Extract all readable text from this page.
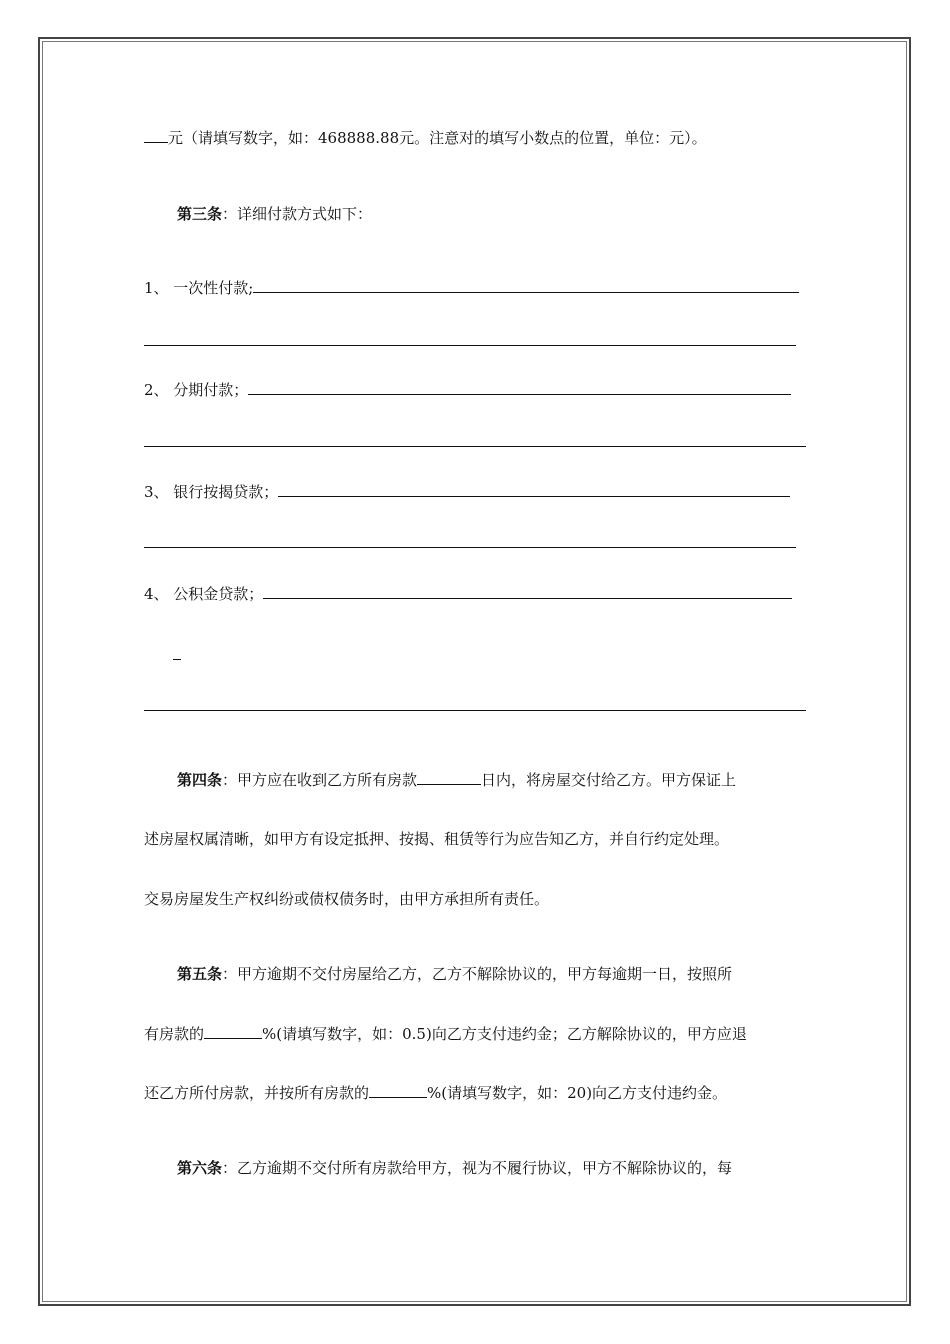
元（请填写数字，如：468888.88元。注意对的填写小数点的位置，单位：元）。
第三条：详细付款方式如下：
1、 一次性付款;
2、 分期付款；
3、 银行按揭贷款；
4、 公积金贷款；
第四条：甲方应在收到乙方所有房款	日内，将房屋交付给乙方。甲方保证上
述房屋权属清晰，如甲方有设定抵押、按揭、租赁等行为应告知乙方，并自行约定处理。
交易房屋发生产权纠纷或债权债务时，由甲方承担所有责任。
第五条：甲方逾期不交付房屋给乙方，乙方不解除协议的，甲方每逾期一日，按照所
有房款的	%(请填写数字，如：0.5)向乙方支付违约金；乙方解除协议的，甲方应退
还乙方所付房款，并按所有房款的	%(请填写数字，如：20)向乙方支付违约金。
第六条：乙方逾期不交付所有房款给甲方，视为不履行协议，甲方不解除协议的，每
